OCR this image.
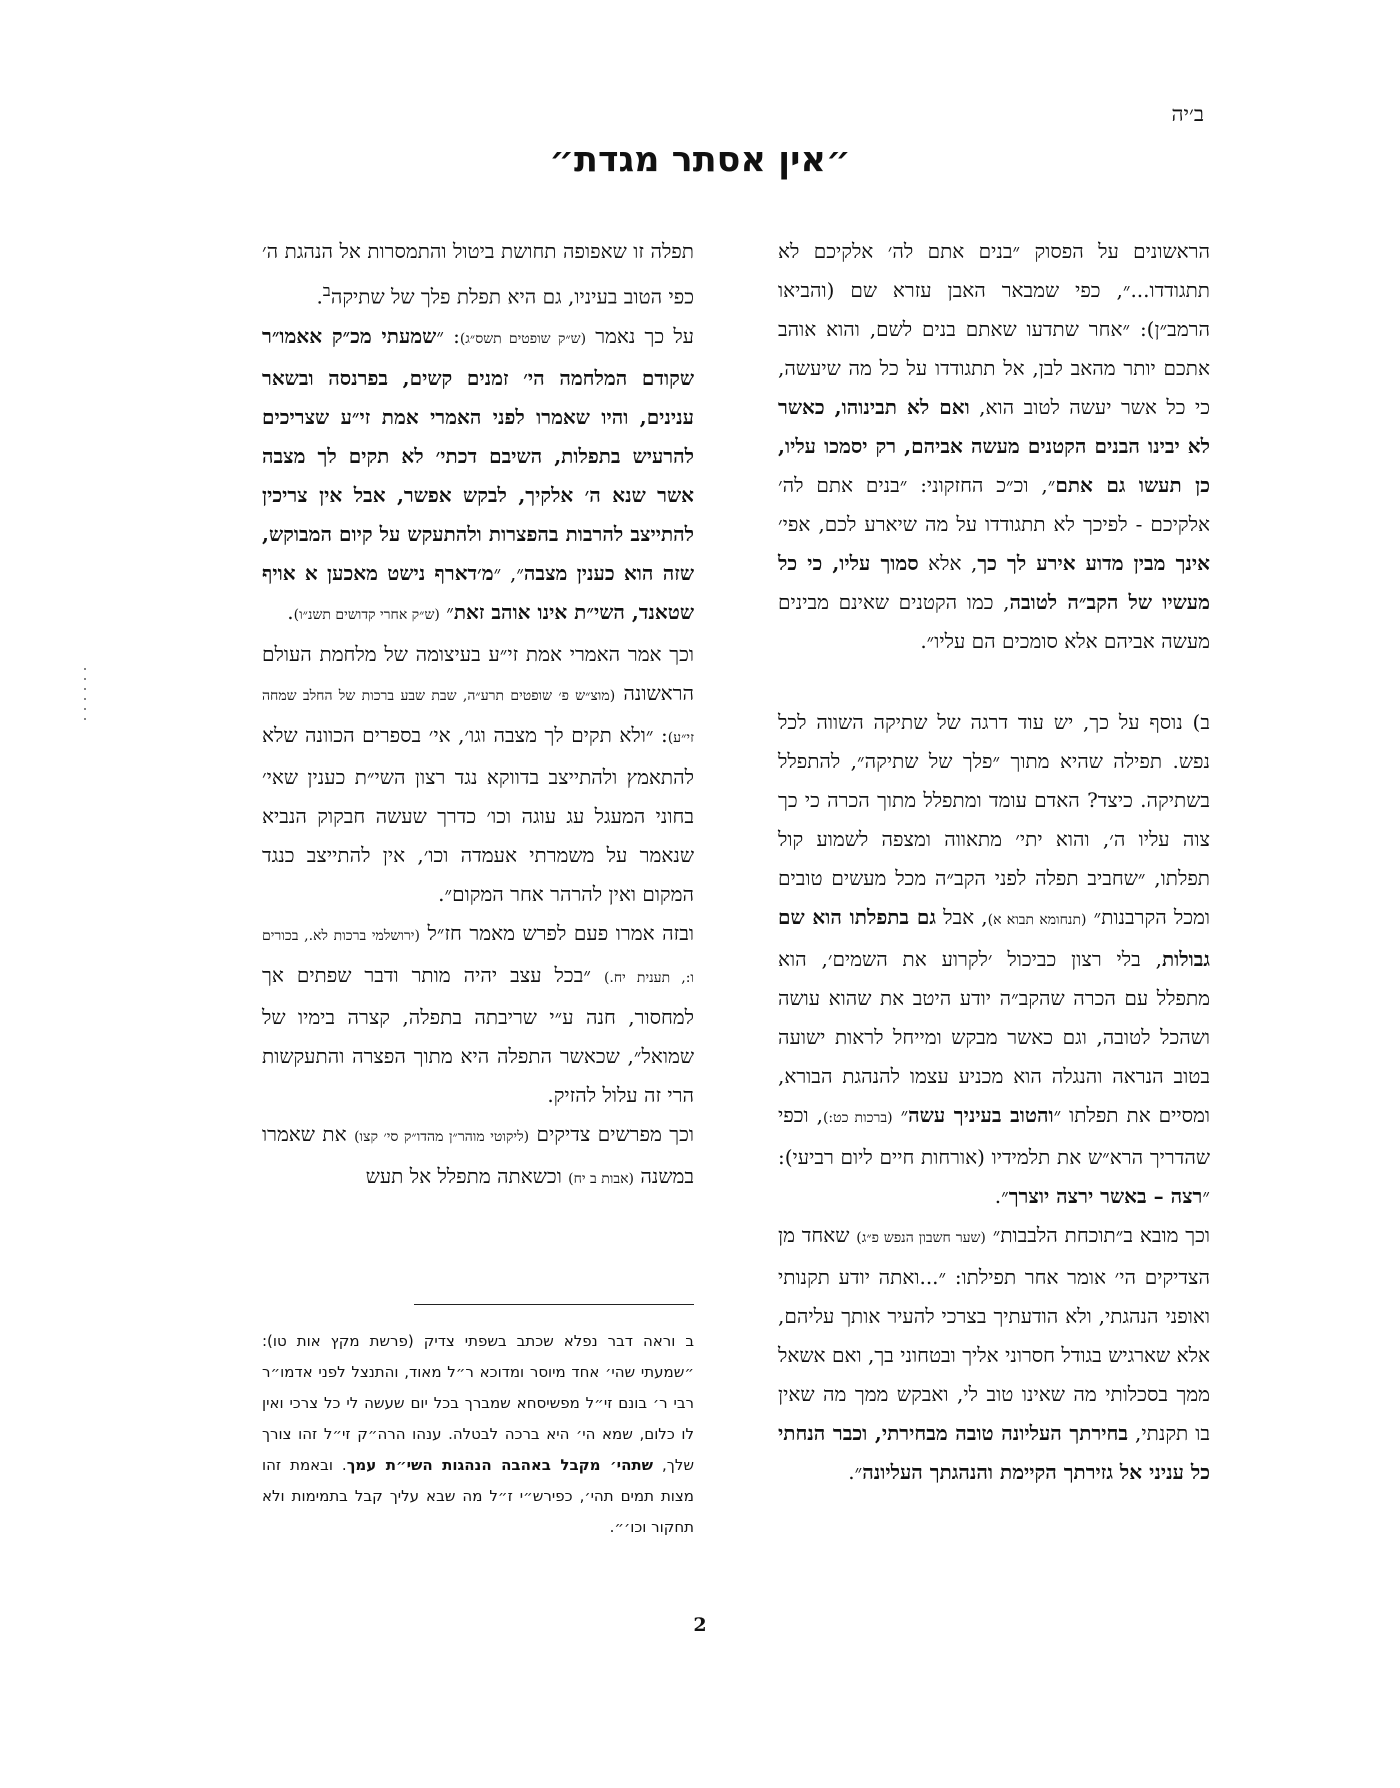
ב׳יה
״אין אסתר מגדת״

הראשונים על הפסוק ״בנים אתם לה׳ אלקיכם לא תתגודדו...״, כפי שמבאר האבן עזרא שם (והביאו הרמב״ן): ״אחר שתדעו שאתם בנים לשם, והוא אוהב אתכם יותר מהאב לבן, אל תתגודדו על כל מה שיעשה, כי כל אשר יעשה לטוב הוא, ואם לא תבינוהו, כאשר לא יבינו הבנים הקטנים מעשה אביהם, רק יסמכו עליו, כן תעשו גם אתם״, וכ״כ החזקוני: ״בנים אתם לה׳ אלקיכם - לפיכך לא תתגודדו על מה שיארע לכם, אפי׳ אינך מבין מדוע אירע לך כך, אלא סמוך עליו, כי כל מעשיו של הקב״ה לטובה, כמו הקטנים שאינם מבינים מעשה אביהם אלא סומכים הם עליו״.

ב) נוסף על כך, יש עוד דרגה של שתיקה השווה לכל נפש. תפילה שהיא מתוך ״פלך של שתיקה״, להתפלל בשתיקה. כיצד? האדם עומד ומתפלל מתוך הכרה כי כך צוה עליו ה׳, והוא יתי׳ מתאווה ומצפה לשמוע קול תפלתו, ״שחביב תפלה לפני הקב״ה מכל מעשים טובים ומכל הקרבנות״ (תנחומא תבוא א), אבל גם בתפלתו הוא שם גבולות, בלי רצון כביכול ׳לקרוע את השמים׳, הוא מתפלל עם הכרה שהקב״ה יודע היטב את שהוא עושה ושהכל לטובה, וגם כאשר מבקש ומייחל לראות ישועה בטוב הנראה והנגלה הוא מכניע עצמו להנהגת הבורא, ומסיים את תפלתו ״והטוב בעיניך עשה״ (ברכות כט:), וכפי שהדריך הרא״ש את תלמידיו (אורחות חיים ליום רביעי): ״רצה – באשר ירצה יוצרך״.

וכך מובא ב״תוכחת הלבבות״ (שער חשבון הנפש פ״ג) שאחד מן הצדיקים הי׳ אומר אחר תפילתו: ״...ואתה יודע תקנותי ואופני הנהגתי, ולא הודעתיך בצרכי להעיר אותך עליהם, אלא שארגיש בגודל חסרוני אליך ובטחוני בך, ואם אשאל ממך בסכלותי מה שאינו טוב לי, ואבקש ממך מה שאין בו תקנתי, בחירתך העליונה טובה מבחירתי, וכבר הנחתי כל עניני אל גזירתך הקיימת והנהגתך העליונה״.

תפלה זו שאפופה תחושת ביטול והתמסרות אל הנהגת ה׳ כפי הטוב בעיניו, גם היא תפלת פלך של שתיקה$^ב$.

על כך נאמר (ש״ק שופטים תשס״ג): ״שמעתי מכ״ק אאמו״ר שקודם המלחמה הי׳ זמנים קשים, בפרנסה ובשאר ענינים, והיו שאמרו לפני האמרי אמת זי״ע שצריכים להרעיש בתפלות, השיבם דכתי׳ לא תקים לך מצבה אשר שנא ה׳ אלקיך, לבקש אפשר, אבל אין צריכין להתייצב להרבות בהפצרות ולהתעקש על קיום המבוקש, שזה הוא כענין מצבה״, ״מ׳דארף נישט מאכען א אויף שטאנד, השי״ת אינו אוהב זאת״ (ש״ק אחרי קדושים תשנ״ו).

וכך אמר האמרי אמת זי״ע בעיצומה של מלחמת העולם הראשונה (מוצ״ש פ׳ שופטים תרע״ה, שבת שבע ברכות של החלב שמחה זי״ע): ״ולא תקים לך מצבה וגו׳, אי׳ בספרים הכוונה שלא להתאמץ ולהתייצב בדווקא נגד רצון השי״ת כענין שאי׳ בחוני המעגל עג עוגה וכו׳ כדרך שעשה חבקוק הנביא שנאמר על משמרתי אעמדה וכו׳, אין להתייצב כנגד המקום ואין להרהר אחר המקום״.

ובזה אמרו פעם לפרש מאמר חז״ל (ירושלמי ברכות לא., בכורים ו:, תענית יח.) ״בכל עצב יהיה מותר ודבר שפתים אך למחסור, חנה ע״י שריבתה בתפלה, קצרה בימיו של שמואל״, שכאשר התפלה היא מתוך הפצרה והתעקשות הרי זה עלול להזיק.

וכך מפרשים צדיקים (ליקוטי מוהר״ן מהדו״ק סי׳ קצו) את שאמרו במשנה (אבות ב יח) וכשאתה מתפלל אל תעש

ב וראה דבר נפלא שכתב בשפתי צדיק (פרשת מקץ אות טו): ״שמעתי שהי׳ אחד מיוסר ומדוכא ר״ל מאוד, והתנצל לפני אדמו״ר רבי ר׳ בונם זי״ל מפשיסחא שמברך בכל יום שעשה לי כל צרכי ואין לו כלום, שמא הי׳ היא ברכה לבטלה. ענהו הרה״ק זי״ל זהו צורך שלך, שתהי׳ מקבל באהבה הנהגות השי״ת עמך. ובאמת זהו מצות תמים תהי׳, כפירש״י ז״ל מה שבא עליך קבל בתמימות ולא תחקור וכו׳״.

2
